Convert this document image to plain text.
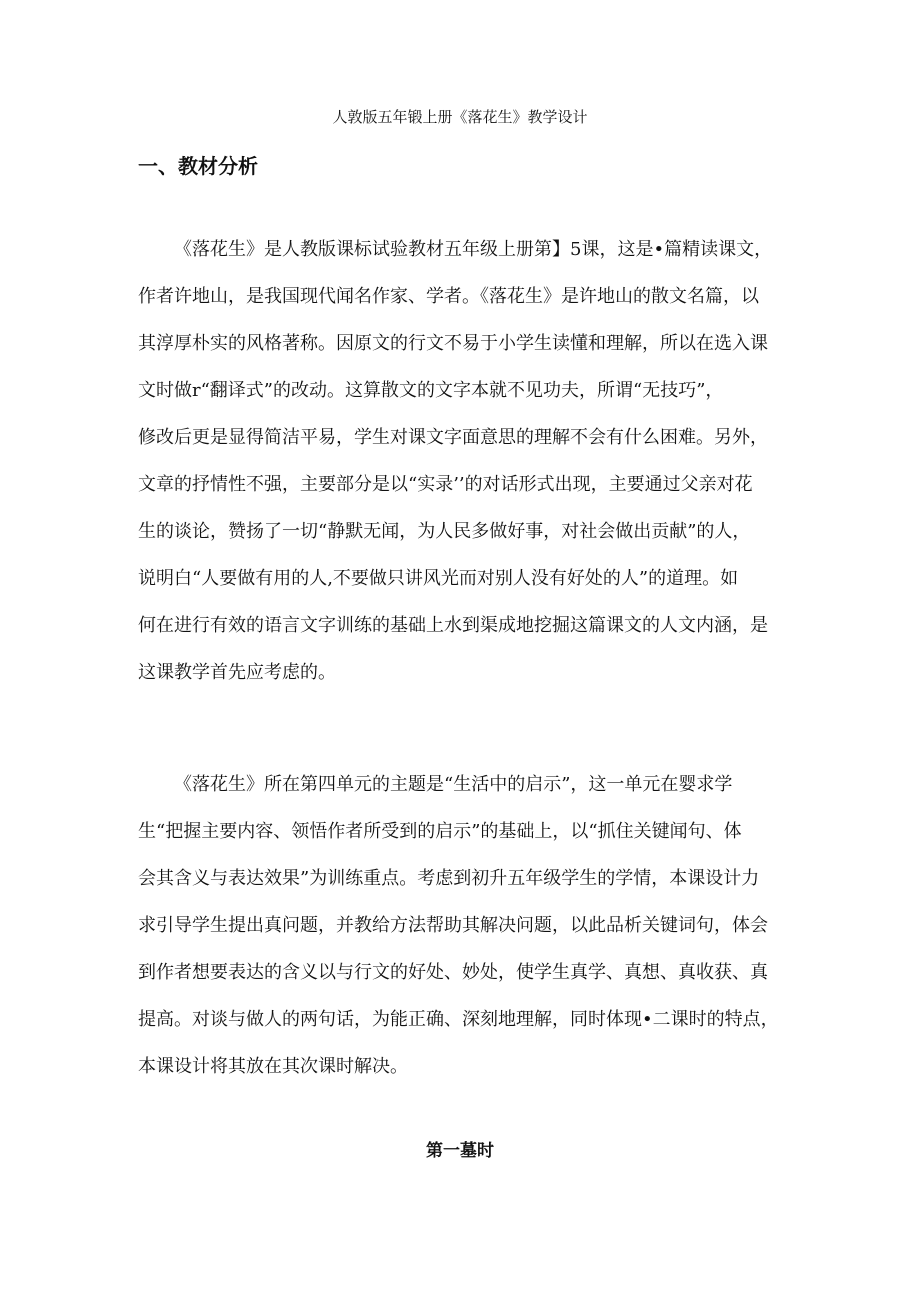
人敦版五年锻上册《落花生》教学设计
一、教材分析
《落花生》是人教版课标试验教材五年级上册第】5课，这是•篇精读课文，
作者许地山，是我国现代闻名作家、学者。《落花生》是许地山的散文名篇，以
其淳厚朴实的风格著称。因原文的行文不易于小学生读懂和理解，所以在选入课
文时做r“翻译式”的改动。这算散文的文字本就不见功夫，所谓“无技巧”，
修改后更是显得简洁平易，学生对课文字面意思的理解不会有什么困难。另外，
文章的抒情性不强，主要部分是以“实录’’的对话形式出现，主要通过父亲对花
生的谈论，赞扬了一切“静默无闻，为人民多做好事，对社会做出贡献”的人，
说明白“人要做有用的人,不要做只讲风光而对别人没有好处的人”的道理。如
何在进行有效的语言文字训练的基础上水到渠成地挖掘这篇课文的人文内涵，是
这课教学首先应考虑的。
《落花生》所在第四单元的主题是“生活中的启示”，这一单元在婴求学
生“把握主要内容、领悟作者所受到的启示”的基础上，以“抓住关键闻句、体
会其含义与表达效果”为训练重点。考虑到初升五年级学生的学情，本课设计力
求引导学生提出真问题，并教给方法帮助其解决问题，以此品析关键词句，体会
到作者想要表达的含义以与行文的好处、妙处，使学生真学、真想、真收获、真
提高。对谈与做人的两句话，为能正确、深刻地理解，同时体现•二课时的特点，
本课设计将其放在其次课时解决。
第一墓时
